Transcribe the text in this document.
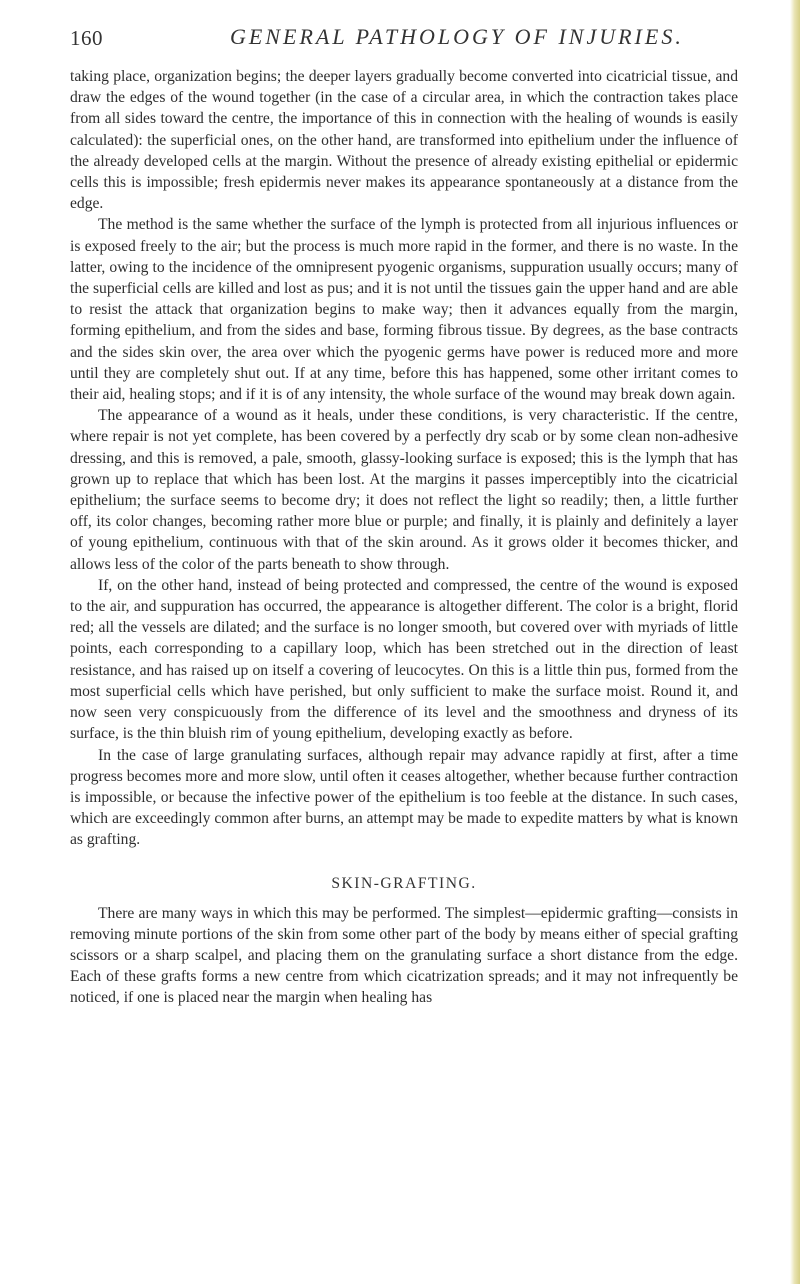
160	GENERAL PATHOLOGY OF INJURIES.

taking place, organization begins; the deeper layers gradually become converted into cicatricial tissue, and draw the edges of the wound together (in the case of a circular area, in which the contraction takes place from all sides toward the centre, the importance of this in connection with the healing of wounds is easily calculated): the superficial ones, on the other hand, are transformed into epithelium under the influence of the already developed cells at the margin. Without the presence of already existing epithelial or epidermic cells this is impossible; fresh epidermis never makes its appearance spontaneously at a distance from the edge.

The method is the same whether the surface of the lymph is protected from all injurious influences or is exposed freely to the air; but the process is much more rapid in the former, and there is no waste. In the latter, owing to the incidence of the omnipresent pyogenic organisms, suppuration usually occurs; many of the superficial cells are killed and lost as pus; and it is not until the tissues gain the upper hand and are able to resist the attack that organization begins to make way; then it advances equally from the margin, forming epithelium, and from the sides and base, forming fibrous tissue. By degrees, as the base contracts and the sides skin over, the area over which the pyogenic germs have power is reduced more and more until they are completely shut out. If at any time, before this has happened, some other irritant comes to their aid, healing stops; and if it is of any intensity, the whole surface of the wound may break down again.

The appearance of a wound as it heals, under these conditions, is very characteristic. If the centre, where repair is not yet complete, has been covered by a perfectly dry scab or by some clean non-adhesive dressing, and this is removed, a pale, smooth, glassy-looking surface is exposed; this is the lymph that has grown up to replace that which has been lost. At the margins it passes imperceptibly into the cicatricial epithelium; the surface seems to become dry; it does not reflect the light so readily; then, a little further off, its color changes, becoming rather more blue or purple; and finally, it is plainly and definitely a layer of young epithelium, continuous with that of the skin around. As it grows older it becomes thicker, and allows less of the color of the parts beneath to show through.

If, on the other hand, instead of being protected and compressed, the centre of the wound is exposed to the air, and suppuration has occurred, the appearance is altogether different. The color is a bright, florid red; all the vessels are dilated; and the surface is no longer smooth, but covered over with myriads of little points, each corresponding to a capillary loop, which has been stretched out in the direction of least resistance, and has raised up on itself a covering of leucocytes. On this is a little thin pus, formed from the most superficial cells which have perished, but only sufficient to make the surface moist. Round it, and now seen very conspicuously from the difference of its level and the smoothness and dryness of its surface, is the thin bluish rim of young epithelium, developing exactly as before.

In the case of large granulating surfaces, although repair may advance rapidly at first, after a time progress becomes more and more slow, until often it ceases altogether, whether because further contraction is impossible, or because the infective power of the epithelium is too feeble at the distance. In such cases, which are exceedingly common after burns, an attempt may be made to expedite matters by what is known as grafting.

SKIN-GRAFTING.

There are many ways in which this may be performed. The simplest—epidermic grafting—consists in removing minute portions of the skin from some other part of the body by means either of special grafting scissors or a sharp scalpel, and placing them on the granulating surface a short distance from the edge. Each of these grafts forms a new centre from which cicatrization spreads; and it may not infrequently be noticed, if one is placed near the margin when healing has
